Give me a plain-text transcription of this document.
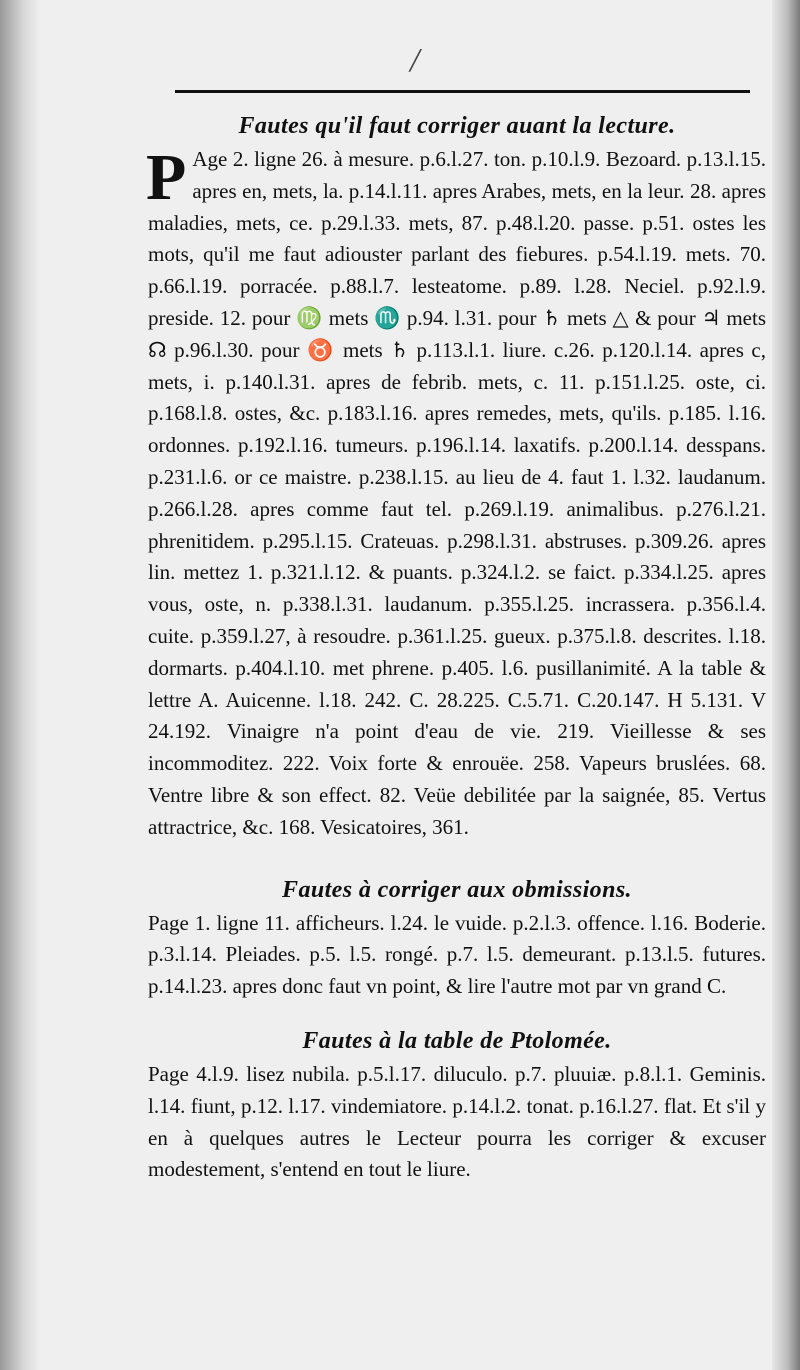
/
Fautes qu'il faut corriger auant la lecture.

P Age 2. ligne 26. à mesure. p.6.l.27. ton. p.10.l.9. Bezoard. p.13.l.15. apres en, mets, la. p.14.l.11. apres Arabes, mets, en la leur. 28. apres maladies, mets, ce. p.29.l.33. mets, 87. p.48.l.20. passe. p.51. ostes les mots, qu'il me faut adiouster parlant des fiebures. p.54.l.19. mets. 70. p.66.l.19. porracée. p.88.l.7. lesteatome. p.89. l.28. Neciel. p.92.l.9. preside. 12. pour ♍ mets ♏ p.94. l.31. pour ♄ mets △ & pour ♃ mets ☊ p.96.l.30. pour ♉ mets ♄ p.113.l.1. liure. c.26. p.120.l.14. apres c, mets, i. p.140.l.31. apres de febrib. mets, c. 11. p.151.l.25. oste, ci. p.168.l.8. ostes, &c. p.183.l.16. apres remedes, mets, qu'ils. p.185. l.16. ordonnes. p.192.l.16. tumeurs. p.196.l.14. laxatifs. p.200.l.14. desspans. p.231.l.6. or ce maistre. p.238.l.15. au lieu de 4. faut 1. l.32. laudanum. p.266.l.28. apres comme faut tel. p.269.l.19. animalibus. p.276.l.21. phrenitidem. p.295.l.15. Crateuas. p.298.l.31. abstruses. p.309.26. apres lin. mettez 1. p.321.l.12. & puants. p.324.l.2. se faict. p.334.l.25. apres vous, oste, n. p.338.l.31. laudanum. p.355.l.25. incrassera. p.356.l.4. cuite. p.359.l.27, à resoudre. p.361.l.25. gueux. p.375.l.8. descrites. l.18. dormarts. p.404.l.10. met phrene. p.405. l.6. pusillanimité. A la table & lettre A. Auicenne. l.18. 242. C. 28.225. C.5.71. C.20.147. H 5.131. V 24.192. Vinaigre n'a point d'eau de vie. 219. Vieillesse & ses incommoditez. 222. Voix forte & enrouëe. 258. Vapeurs bruslées. 68. Ventre libre & son effect. 82. Veüe debilitée par la saignée, 85. Vertus attractrice, &c. 168. Vesicatoires, 361.

Fautes à corriger aux obmissions.

Page 1. ligne 11. afficheurs. l.24. le vuide. p.2.l.3. offence. l.16. Boderie. p.3.l.14. Pleiades. p.5. l.5. rongé. p.7. l.5. demeurant. p.13.l.5. futures. p.14.l.23. apres donc faut vn point, & lire l'autre mot par vn grand C.

Fautes à la table de Ptolomée.

Page 4.l.9. lisez nubila. p.5.l.17. diluculo. p.7. pluuiæ. p.8.l.1. Geminis. l.14. fiunt, p.12. l.17. vindemiatore. p.14.l.2. tonat. p.16.l.27. flat. Et s'il y en à quelques autres le Lecteur pourra les corriger & excuser modestement, s'entend en tout le liure.
